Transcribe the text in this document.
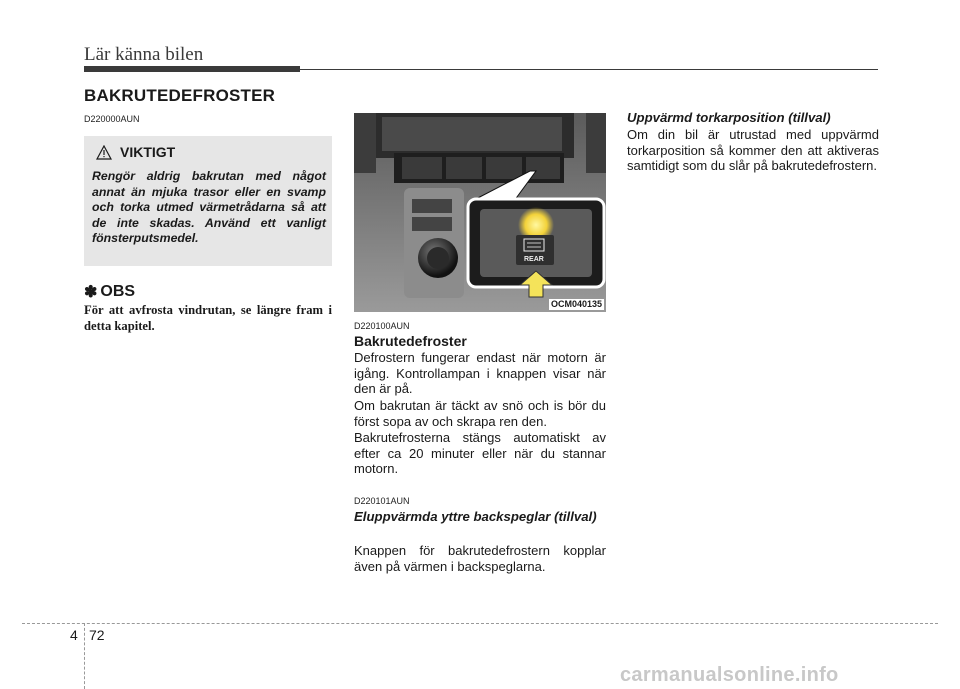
Lär känna bilen
BAKRUTEDEFROSTER
D220000AUN
VIKTIGT
Rengör aldrig bakrutan med något annat än mjuka trasor eller en svamp och torka utmed värmetrådarna så att de inte skadas. Använd ett vanligt fönsterputsmedel.
✽ OBS
För att avfrosta vindrutan, se längre fram i detta kapitel.
REAR
OCM040135
D220100AUN
Bakrutedefroster
Defrostern fungerar endast när motorn är igång. Kontrollampan i knappen visar när den är på.
Om bakrutan är täckt av snö och is bör du först sopa av och skrapa ren den.
Bakrutefrosterna stängs automatiskt av efter ca 20 minuter eller när du stannar motorn.
D220101AUN
Eluppvärmda yttre backspeglar (tillval)
Knappen för bakrutedefrostern kopplar även på värmen i backspeglarna.
Uppvärmd torkarposition (tillval)
Om din bil är utrustad med uppvärmd torkarposition så kommer den att aktiveras samtidigt som du slår på bakrutedefrostern.
4 72
carmanualsonline.info
